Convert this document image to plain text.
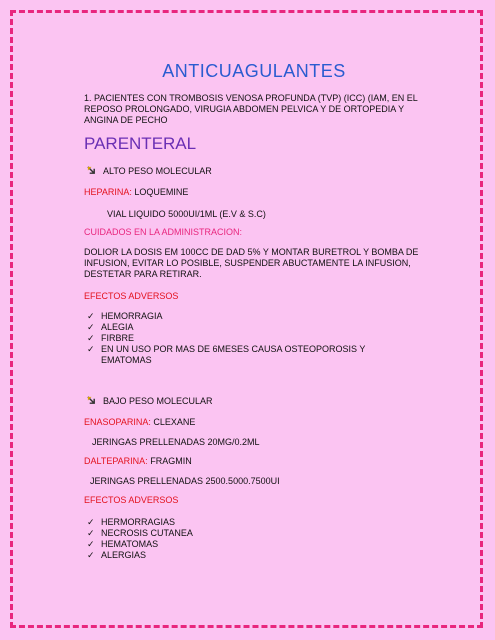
ANTICUAGULANTES
1. PACIENTES CON TROMBOSIS VENOSA PROFUNDA (TVP) (ICC) (IAM, EN EL REPOSO PROLONGADO, VIRUGIA ABDOMEN PELVICA Y DE ORTOPEDIA Y ANGINA DE PECHO
PARENTERAL
ALTO PESO MOLECULAR
HEPARINA: LOQUEMINE
VIAL LIQUIDO 5000UI/1ML (E.V & S.C)
CUIDADOS EN LA ADMINISTRACION:
DOLIOR LA DOSIS EM 100CC DE DAD 5% Y MONTAR BURETROL Y BOMBA DE INFUSION, EVITAR LO POSIBLE, SUSPENDER ABUCTAMENTE LA INFUSION, DESTETAR PARA RETIRAR.
EFECTOS ADVERSOS
✓ HEMORRAGIA
✓ ALEGIA
✓ FIRBRE
✓ EN UN USO POR MAS DE 6MESES CAUSA OSTEOPOROSIS Y EMATOMAS
BAJO PESO MOLECULAR
ENASOPARINA: CLEXANE
JERINGAS PRELLENADAS 20MG/0.2ML
DALTEPARINA: FRAGMIN
JERINGAS PRELLENADAS 2500.5000.7500UI
EFECTOS ADVERSOS
✓ HERMORRAGIAS
✓ NECROSIS CUTANEA
✓ HEMATOMAS
✓ ALERGIAS
